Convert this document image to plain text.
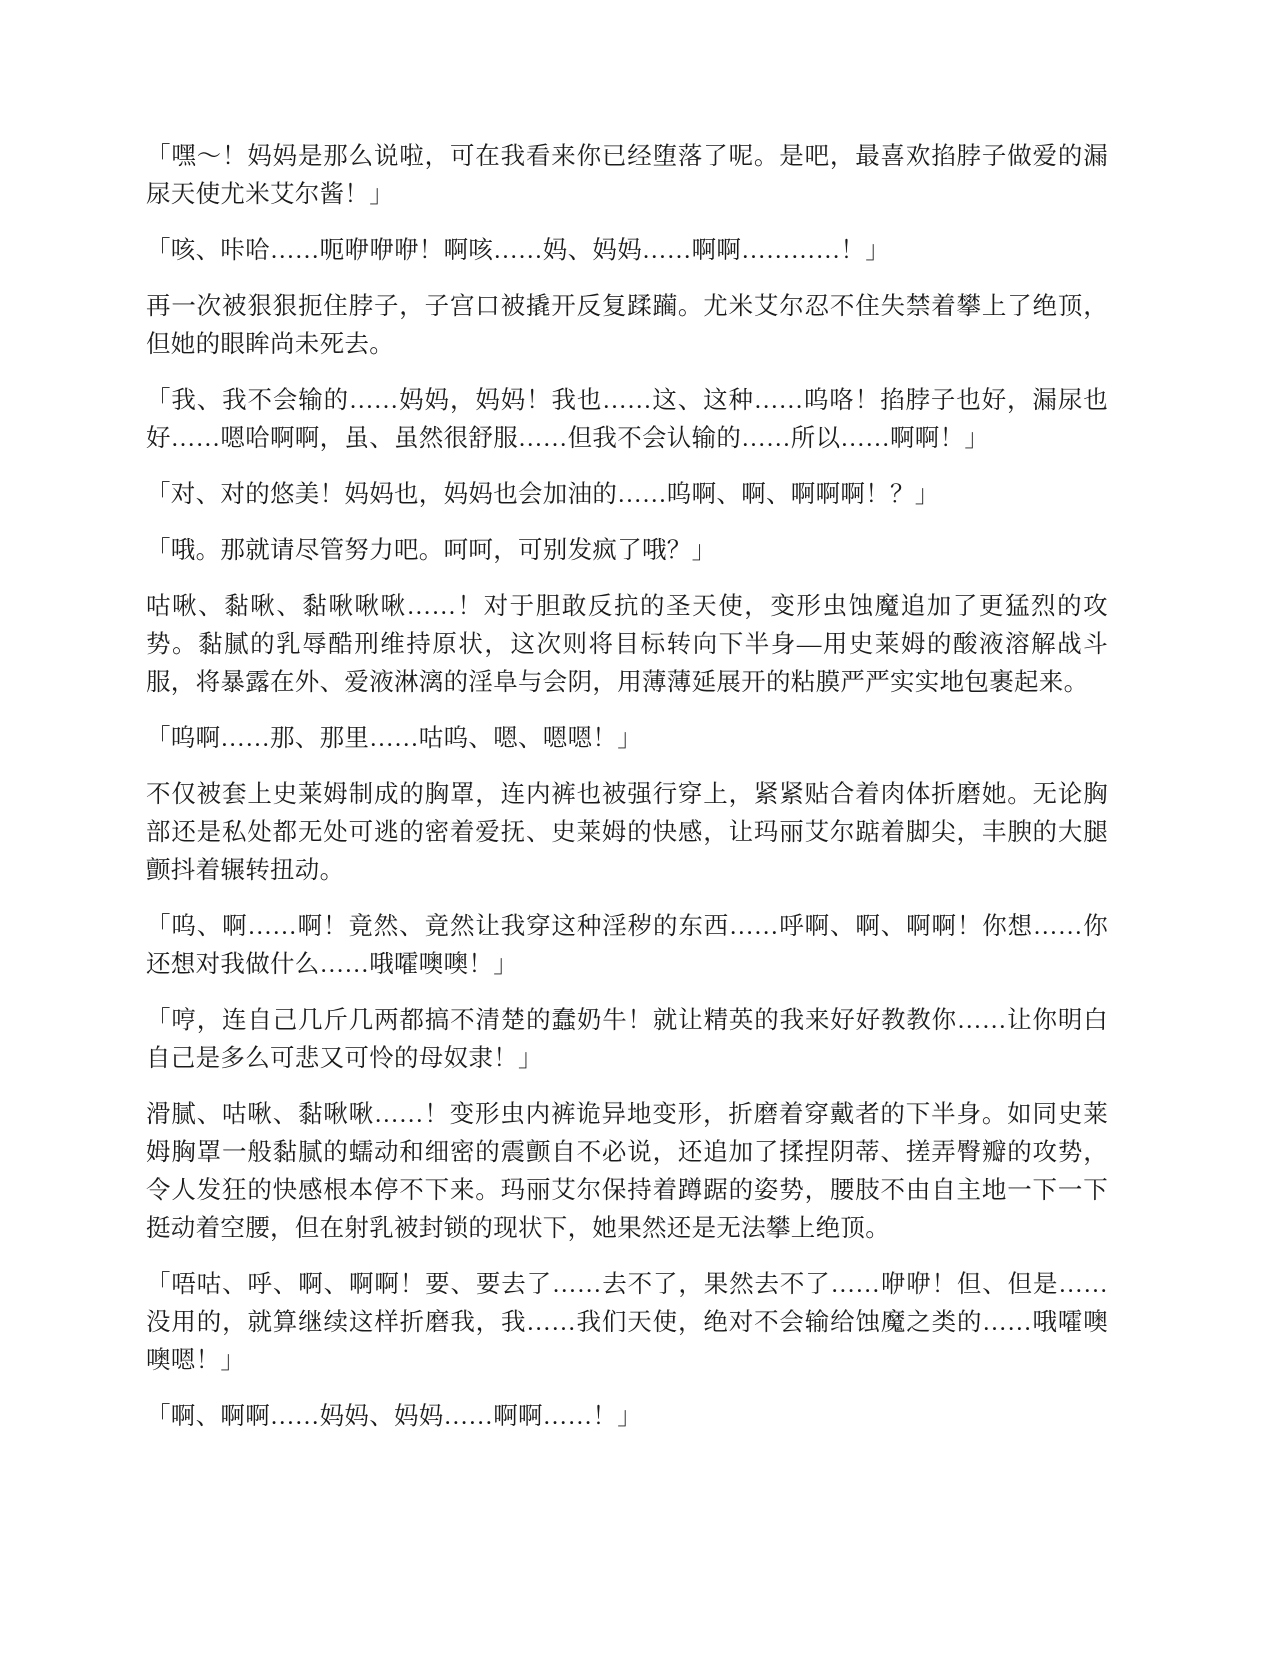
「嘿～！妈妈是那么说啦，可在我看来你已经堕落了呢。是吧，最喜欢掐脖子做爱的漏尿天使尤米艾尔酱！」

「咳、咔哈……呃咿咿咿！啊咳……妈、妈妈……啊啊…………！」

再一次被狠狠扼住脖子，子宫口被撬开反复蹂躏。尤米艾尔忍不住失禁着攀上了绝顶，但她的眼眸尚未死去。

「我、我不会输的……妈妈，妈妈！我也……这、这种……呜咯！掐脖子也好，漏尿也好……嗯哈啊啊，虽、虽然很舒服……但我不会认输的……所以……啊啊！」

「对、对的悠美！妈妈也，妈妈也会加油的……呜啊、啊、啊啊啊！？」

「哦。那就请尽管努力吧。呵呵，可别发疯了哦？」

咕啾、黏啾、黏啾啾啾……！对于胆敢反抗的圣天使，变形虫蚀魔追加了更猛烈的攻势。黏腻的乳辱酷刑维持原状，这次则将目标转向下半身—用史莱姆的酸液溶解战斗服，将暴露在外、爱液淋漓的淫阜与会阴，用薄薄延展开的粘膜严严实实地包裹起来。

「呜啊……那、那里……咕呜、嗯、嗯嗯！」

不仅被套上史莱姆制成的胸罩，连内裤也被强行穿上，紧紧贴合着肉体折磨她。无论胸部还是私处都无处可逃的密着爱抚、史莱姆的快感，让玛丽艾尔踮着脚尖，丰腴的大腿颤抖着辗转扭动。

「呜、啊……啊！竟然、竟然让我穿这种淫秽的东西……呼啊、啊、啊啊！你想……你还想对我做什么……哦嚯噢噢！」

「哼，连自己几斤几两都搞不清楚的蠢奶牛！就让精英的我来好好教教你……让你明白自己是多么可悲又可怜的母奴隶！」

滑腻、咕啾、黏啾啾……！变形虫内裤诡异地变形，折磨着穿戴者的下半身。如同史莱姆胸罩一般黏腻的蠕动和细密的震颤自不必说，还追加了揉捏阴蒂、搓弄臀瓣的攻势，令人发狂的快感根本停不下来。玛丽艾尔保持着蹲踞的姿势，腰肢不由自主地一下一下挺动着空腰，但在射乳被封锁的现状下，她果然还是无法攀上绝顶。

「唔咕、呼、啊、啊啊！要、要去了……去不了，果然去不了……咿咿！但、但是……没用的，就算继续这样折磨我，我……我们天使，绝对不会输给蚀魔之类的……哦嚯噢噢嗯！」

「啊、啊啊……妈妈、妈妈……啊啊……！」
